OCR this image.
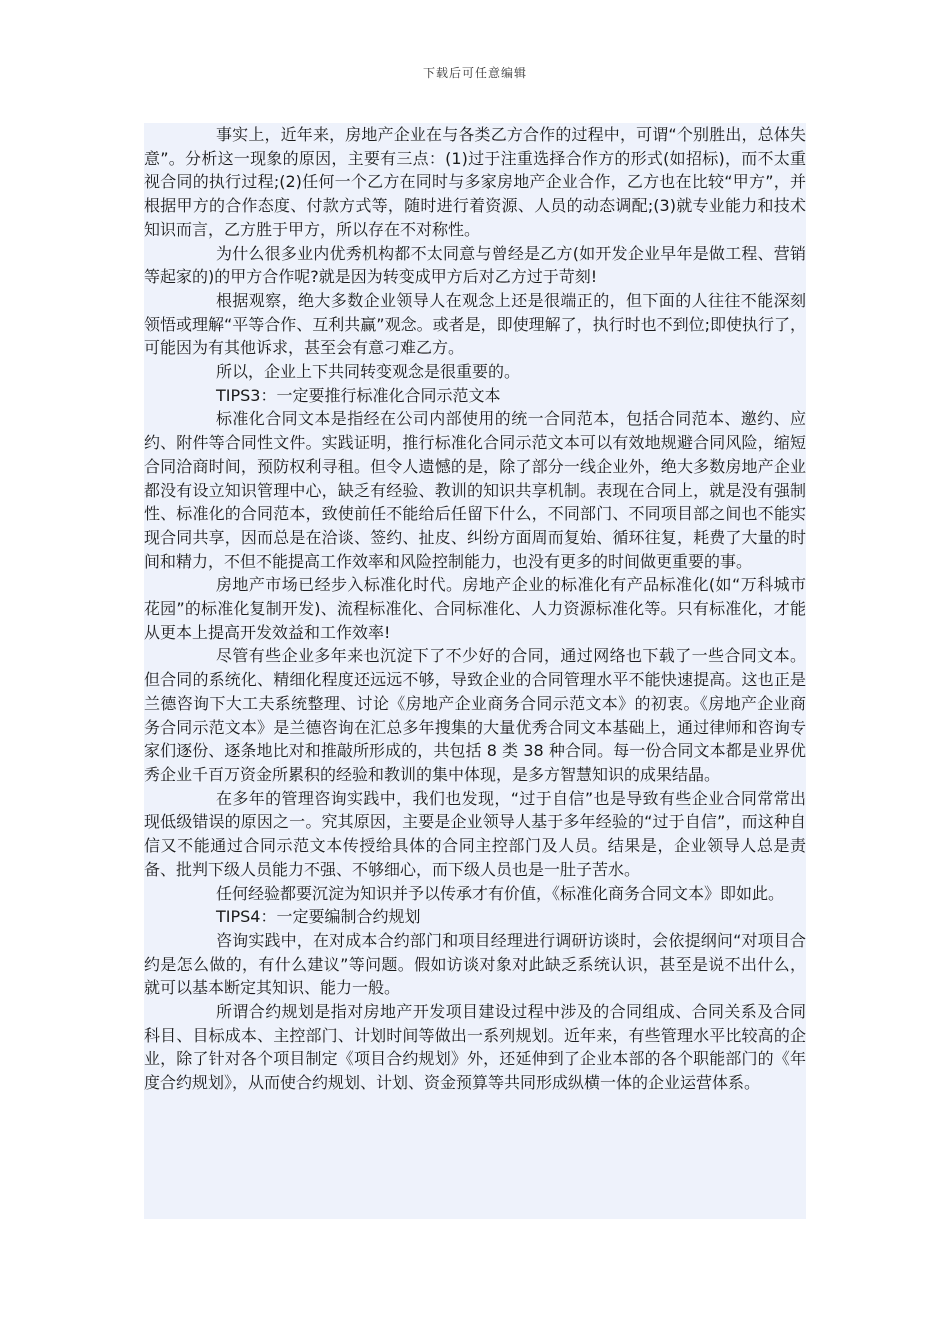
下载后可任意编辑

事实上，近年来，房地产企业在与各类乙方合作的过程中，可谓“个别胜出，总体失意”。分析这一现象的原因，主要有三点：(1)过于注重选择合作方的形式(如招标)，而不太重视合同的执行过程;(2)任何一个乙方在同时与多家房地产企业合作，乙方也在比较“甲方”，并根据甲方的合作态度、付款方式等，随时进行着资源、人员的动态调配;(3)就专业能力和技术知识而言，乙方胜于甲方，所以存在不对称性。

为什么很多业内优秀机构都不太同意与曾经是乙方(如开发企业早年是做工程、营销等起家的)的甲方合作呢?就是因为转变成甲方后对乙方过于苛刻!

根据观察，绝大多数企业领导人在观念上还是很端正的，但下面的人往往不能深刻领悟或理解“平等合作、互利共赢”观念。或者是，即使理解了，执行时也不到位;即使执行了，可能因为有其他诉求，甚至会有意刁难乙方。

所以，企业上下共同转变观念是很重要的。

TIPS3：一定要推行标准化合同示范文本

标准化合同文本是指经在公司内部使用的统一合同范本，包括合同范本、邀约、应约、附件等合同性文件。实践证明，推行标准化合同示范文本可以有效地规避合同风险，缩短合同洽商时间，预防权利寻租。但令人遗憾的是，除了部分一线企业外，绝大多数房地产企业都没有设立知识管理中心，缺乏有经验、教训的知识共享机制。表现在合同上，就是没有强制性、标准化的合同范本，致使前任不能给后任留下什么，不同部门、不同项目部之间也不能实现合同共享，因而总是在洽谈、签约、扯皮、纠纷方面周而复始、循环往复，耗费了大量的时间和精力，不但不能提高工作效率和风险控制能力，也没有更多的时间做更重要的事。

房地产市场已经步入标准化时代。房地产企业的标准化有产品标准化(如“万科城市花园”的标准化复制开发)、流程标准化、合同标准化、人力资源标准化等。只有标准化，才能从更本上提高开发效益和工作效率!

尽管有些企业多年来也沉淀下了不少好的合同，通过网络也下载了一些合同文本。但合同的系统化、精细化程度还远远不够，导致企业的合同管理水平不能快速提高。这也正是兰德咨询下大工夫系统整理、讨论《房地产企业商务合同示范文本》的初衷。《房地产企业商务合同示范文本》是兰德咨询在汇总多年搜集的大量优秀合同文本基础上，通过律师和咨询专家们逐份、逐条地比对和推敲所形成的，共包括 8 类 38 种合同。每一份合同文本都是业界优秀企业千百万资金所累积的经验和教训的集中体现，是多方智慧知识的成果结晶。

在多年的管理咨询实践中，我们也发现，“过于自信”也是导致有些企业合同常常出现低级错误的原因之一。究其原因，主要是企业领导人基于多年经验的“过于自信”，而这种自信又不能通过合同示范文本传授给具体的合同主控部门及人员。结果是，企业领导人总是责备、批判下级人员能力不强、不够细心，而下级人员也是一肚子苦水。

任何经验都要沉淀为知识并予以传承才有价值，《标准化商务合同文本》即如此。

TIPS4：一定要编制合约规划

咨询实践中，在对成本合约部门和项目经理进行调研访谈时，会依提纲问“对项目合约是怎么做的，有什么建议”等问题。假如访谈对象对此缺乏系统认识，甚至是说不出什么，就可以基本断定其知识、能力一般。

所谓合约规划是指对房地产开发项目建设过程中涉及的合同组成、合同关系及合同科目、目标成本、主控部门、计划时间等做出一系列规划。近年来，有些管理水平比较高的企业，除了针对各个项目制定《项目合约规划》外，还延伸到了企业本部的各个职能部门的《年度合约规划》，从而使合约规划、计划、资金预算等共同形成纵横一体的企业运营体系。
